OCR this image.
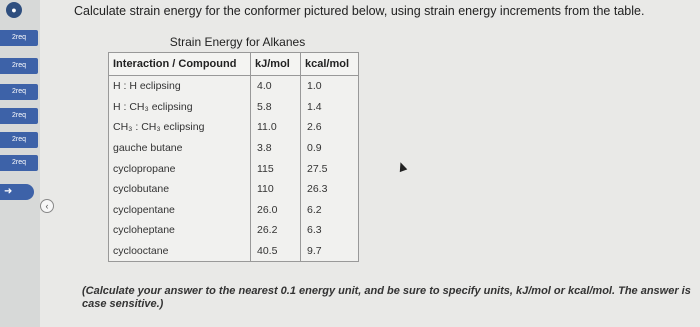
●
2req
2req
2req
2req
2req
2req
➜
‹
Calculate strain energy for the conformer pictured below, using strain energy increments from the table.
Strain Energy for Alkanes
Interaction / Compound	kJ/mol	kcal/mol
H : H eclipsing	4.0	1.0
H : CH₃ eclipsing	5.8	1.4
CH₃ : CH₃ eclipsing	11.0	2.6
gauche butane	3.8	0.9
cyclopropane	115	27.5
cyclobutane	110	26.3
cyclopentane	26.0	6.2
cycloheptane	26.2	6.3
cyclooctane	40.5	9.7
(Calculate your answer to the nearest 0.1 energy unit, and be sure to specify units, kJ/mol or kcal/mol. The answer is case sensitive.)
